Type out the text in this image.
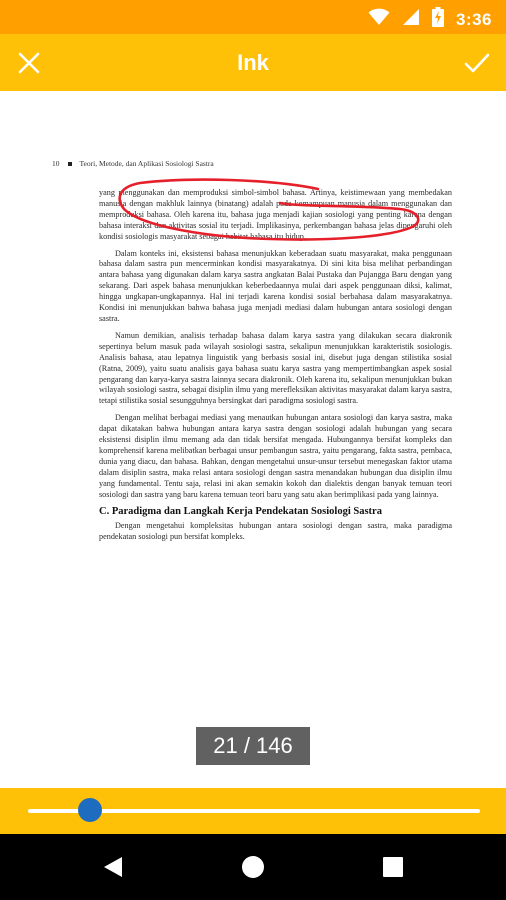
3:36
Ink
10	Teori, Metode, dan Aplikasi Sosiologi Sastra

yang menggunakan dan memproduksi simbol-simbol bahasa. Artinya, keistimewaan yang membedakan manusia dengan makhluk lainnya (binatang) adalah pada kemampuan manusia dalam menggunakan dan memproduksi bahasa. Oleh karena itu, bahasa juga menjadi kajian sosiologi yang penting karena dengan bahasa interaksi dan aktivitas sosial itu terjadi. Implikasinya, perkembangan bahasa jelas dipengaruhi oleh kondisi sosiologis masyarakat sebagai habitat bahasa itu hidup.

Dalam konteks ini, eksistensi bahasa menunjukkan keberadaan suatu masyarakat, maka penggunaan bahasa dalam sastra pun mencerminkan kondisi masyarakatnya. Di sini kita bisa melihat perbandingan antara bahasa yang digunakan dalam karya sastra angkatan Balai Pustaka dan Pujangga Baru dengan yang sekarang. Dari aspek bahasa menunjukkan keberbedaannya mulai dari aspek penggunaan diksi, kalimat, hingga ungkapan-ungkapannya. Hal ini terjadi karena kondisi sosial berbahasa dalam masyarakatnya. Kondisi ini menunjukkan bahwa bahasa juga menjadi mediasi dalam hubungan antara sosiologi dengan sastra.

Namun demikian, analisis terhadap bahasa dalam karya sastra yang dilakukan secara diakronik sepertinya belum masuk pada wilayah sosiologi sastra, sekalipun menunjukkan karakteristik sosiologis. Analisis bahasa, atau lepatnya linguistik yang berbasis sosial ini, disebut juga dengan stilistika sosial (Ratna, 2009), yaitu suatu analisis gaya bahasa suatu karya sastra yang mempertimbangkan aspek sosial pengarang dan karya-karya sastra lainnya secara diakronik. Oleh karena itu, sekalipun menunjukkan bukan wilayah sosiologi sastra, sebagai disiplin ilmu yang merefleksikan aktivitas masyarakat dalam karya sastra, tetapi stilistika sosial sesungguhnya bersingkat dari paradigma sosiologi sastra.

Dengan melihat berbagai mediasi yang menautkan hubungan antara sosiologi dan karya sastra, maka dapat dikatakan bahwa hubungan antara karya sastra dengan sosiologi adalah hubungan yang secara eksistensi disiplin ilmu memang ada dan tidak bersifat mengada. Hubungannya bersifat kompleks dan komprehensif karena melibatkan berbagai unsur pembangun sastra, yaitu pengarang, fakta sastra, pembaca, dunia yang diacu, dan bahasa. Bahkan, dengan mengetahui unsur-unsur tersebut menegaskan faktor utama dalam disiplin sastra, maka relasi antara sosiologi dengan sastra menandakan hubungan dua disiplin ilmu yang fundamental. Tentu saja, relasi ini akan semakin kokoh dan dialektis dengan banyak temuan teori sosiologi dan sastra yang baru karena temuan teori baru yang satu akan berimplikasi pada yang lainnya.

C. Paradigma dan Langkah Kerja Pendekatan Sosiologi Sastra

Dengan mengetahui kompleksitas hubungan antara sosiologi dengan sastra, maka paradigma pendekatan sosiologi pun bersifat kompleks.

21 / 146
